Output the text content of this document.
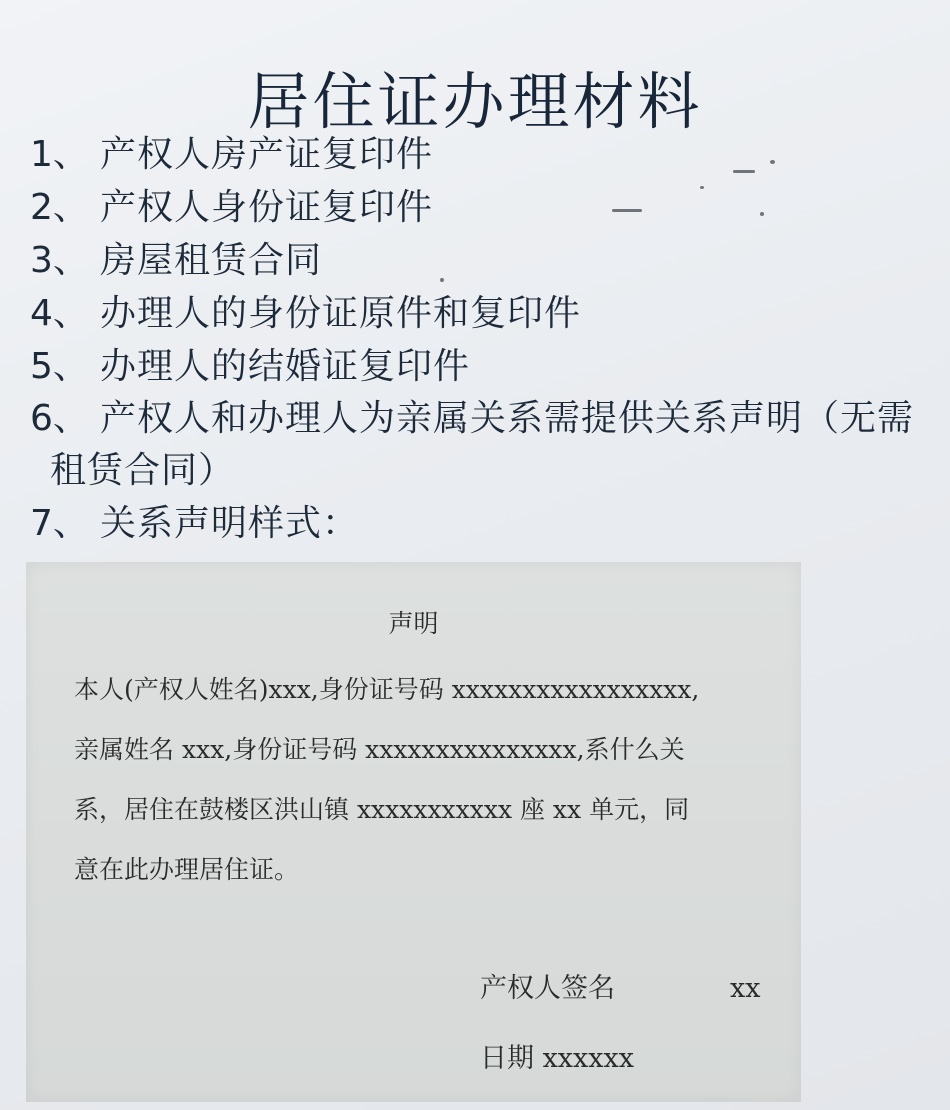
居住证办理材料
1 、	产权人房产证复印件
2 、	产权人身份证复印件
3 、	房屋租赁合同
4 、	办理人的身份证原件和复印件
5 、	办理人的结婚证复印件
6 、	产权人和办理人为亲属关系需提供关系声明（无需
租赁合同）
7 、	关系声明样式：
声明
本人(产权人姓名)xxx,身份证号码 xxxxxxxxxxxxxxxxx,
亲属姓名 xxx,身份证号码 xxxxxxxxxxxxxxx,系什么关
系，居住在鼓楼区洪山镇 xxxxxxxxxxx 座 xx 单元，同
意在此办理居住证。
产权人签名	xx
日期 xxxxxx
